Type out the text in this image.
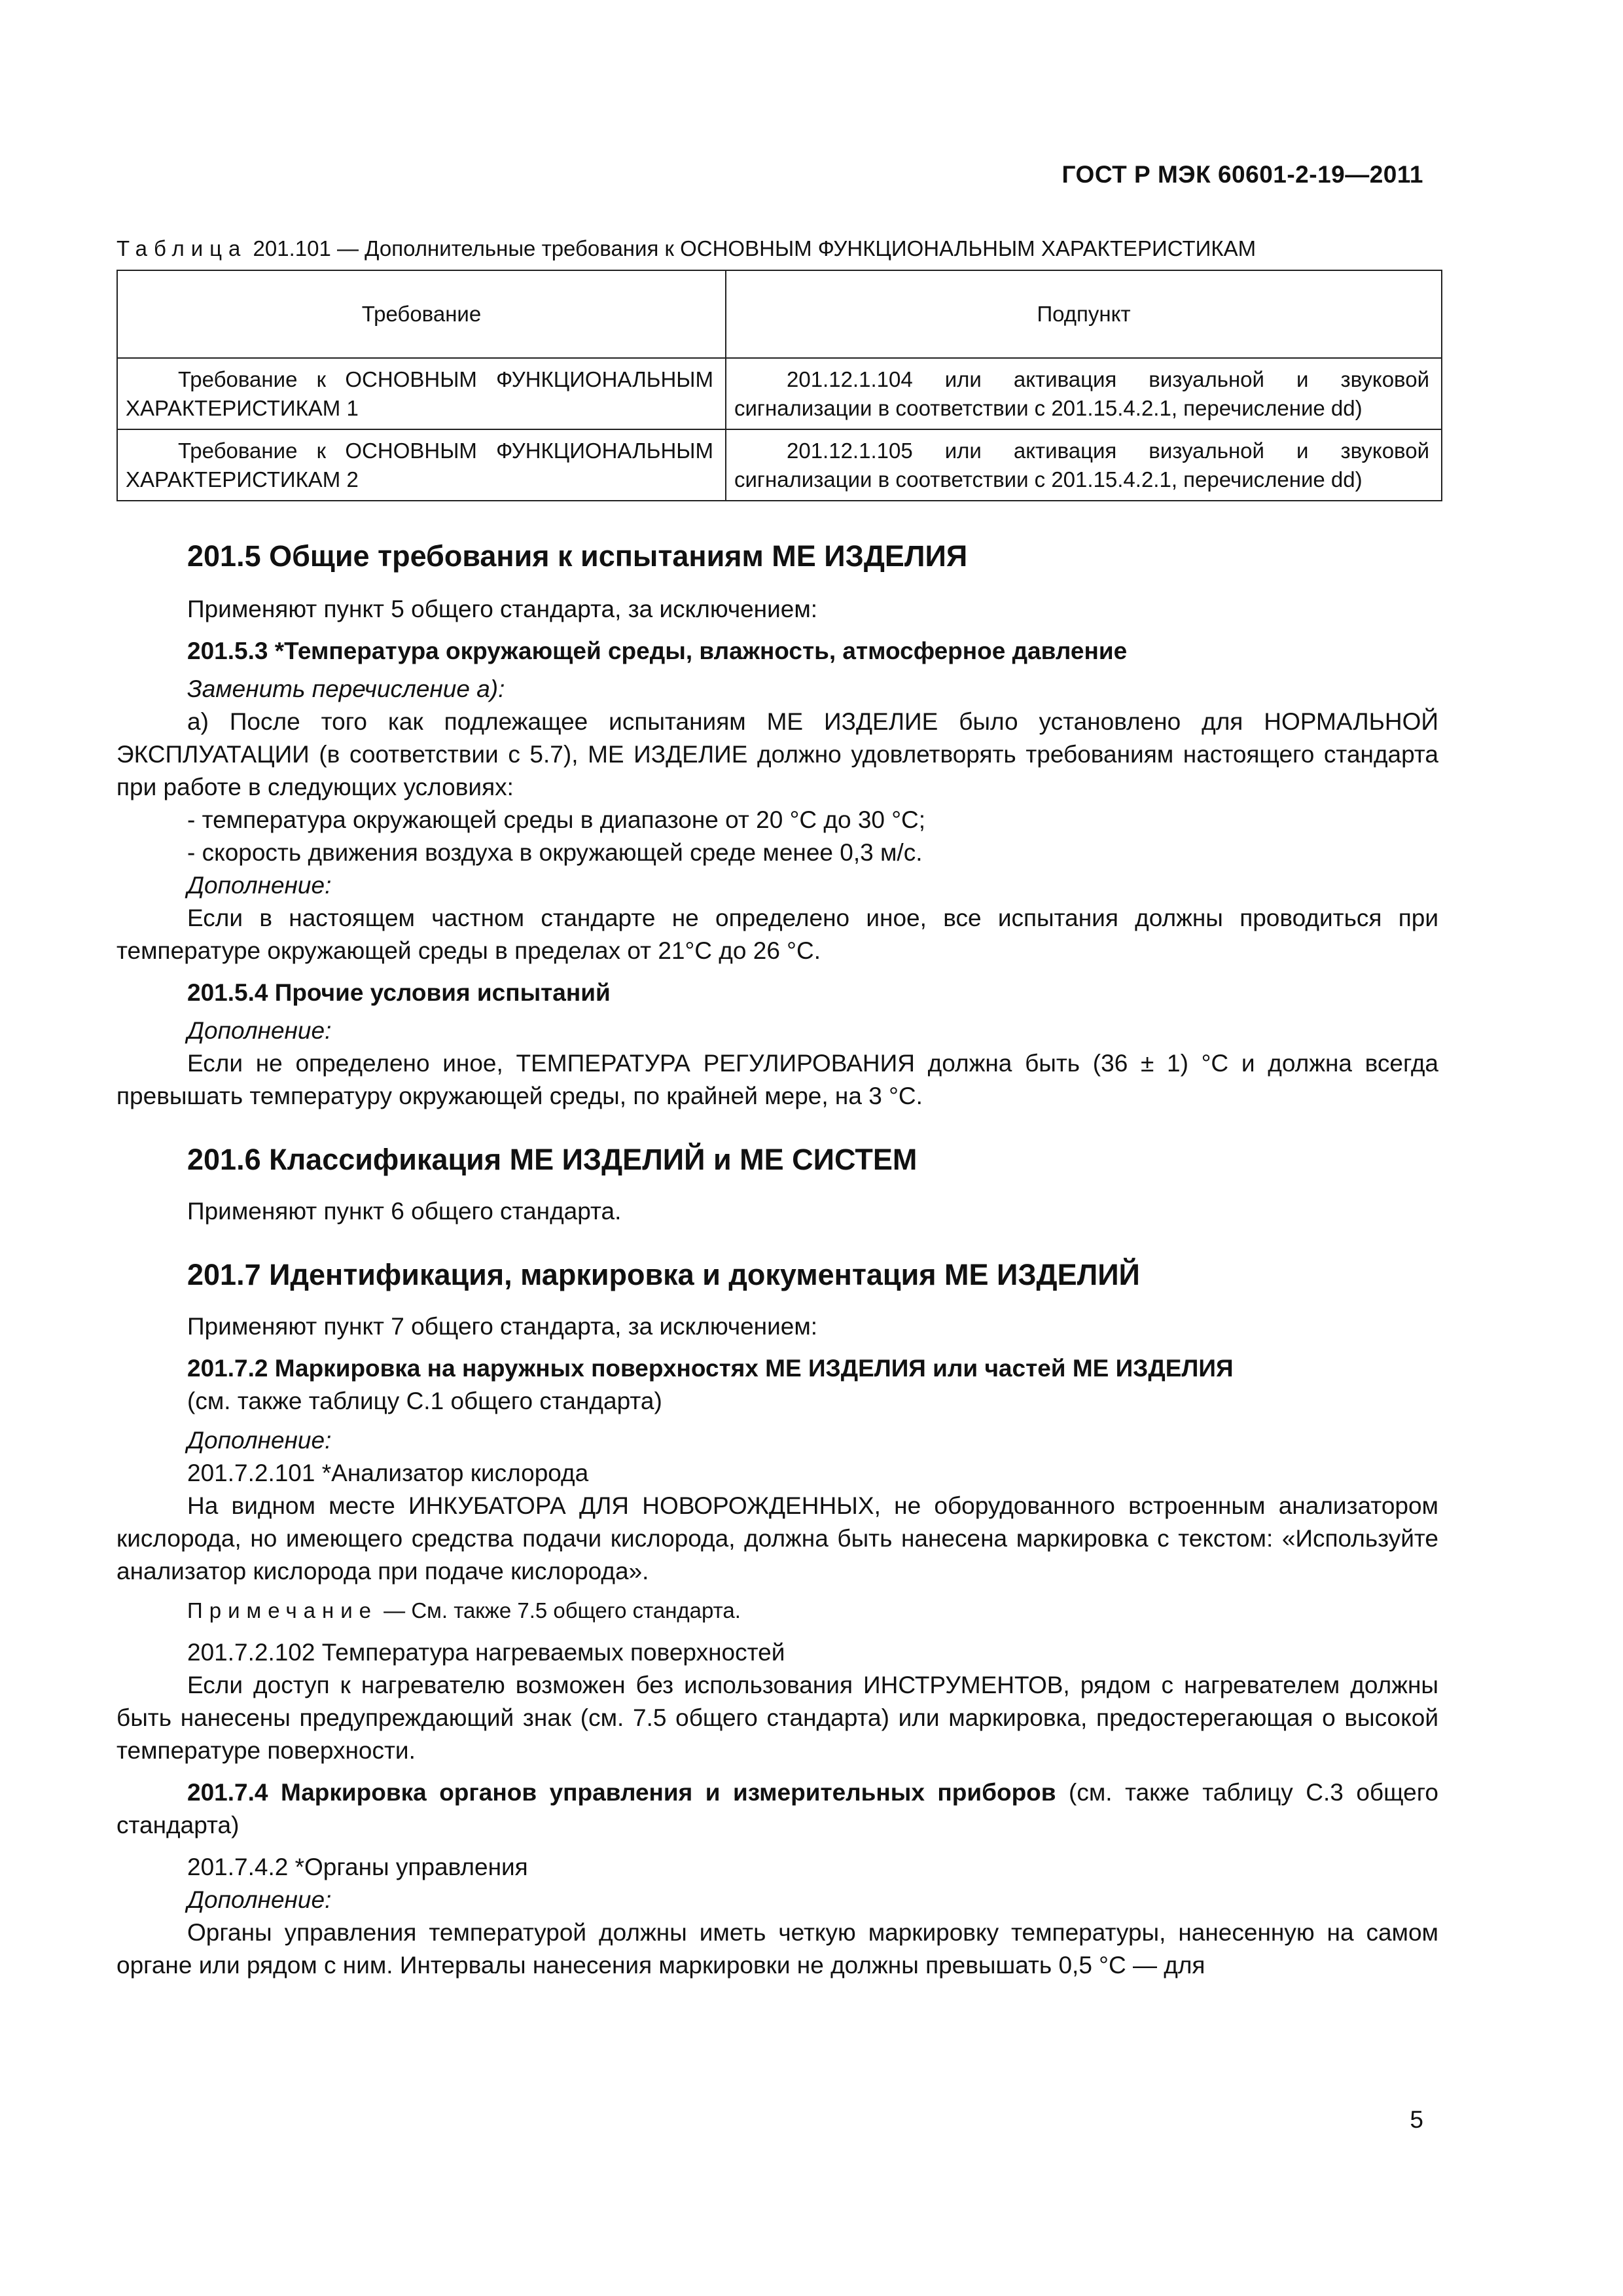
ГОСТ Р МЭК 60601-2-19—2011
Таблица 201.101 — Дополнительные требования к ОСНОВНЫМ ФУНКЦИОНАЛЬНЫМ ХАРАКТЕРИСТИКАМ
Требование	Подпункт
Требование к ОСНОВНЫМ ФУНКЦИОНАЛЬНЫМ ХАРАКТЕРИСТИКАМ 1	201.12.1.104 или активация визуальной и звуковой сигнализации в соответствии с 201.15.4.2.1, перечисление dd)
Требование к ОСНОВНЫМ ФУНКЦИОНАЛЬНЫМ ХАРАКТЕРИСТИКАМ 2	201.12.1.105 или активация визуальной и звуковой сигнализации в соответствии с 201.15.4.2.1, перечисление dd)

201.5 Общие требования к испытаниям МЕ ИЗДЕЛИЯ

Применяют пункт 5 общего стандарта, за исключением:

201.5.3 *Температура окружающей среды, влажность, атмосферное давление

Заменить перечисление а):

а) После того как подлежащее испытаниям МЕ ИЗДЕЛИЕ было установлено для НОРМАЛЬНОЙ ЭКСПЛУАТАЦИИ (в соответствии с 5.7), МЕ ИЗДЕЛИЕ должно удовлетворять требованиям настоящего стандарта при работе в следующих условиях:

- температура окружающей среды в диапазоне от 20 °С до 30 °С;

- скорость движения воздуха в окружающей среде менее 0,3 м/с.

Дополнение:

Если в настоящем частном стандарте не определено иное, все испытания должны проводиться при температуре окружающей среды в пределах от 21°С до 26 °С.

201.5.4 Прочие условия испытаний

Дополнение:

Если не определено иное, ТЕМПЕРАТУРА РЕГУЛИРОВАНИЯ должна быть (36 ± 1) °С и должна всегда превышать температуру окружающей среды, по крайней мере, на 3 °С.

201.6 Классификация МЕ ИЗДЕЛИЙ и МЕ СИСТЕМ

Применяют пункт 6 общего стандарта.

201.7 Идентификация, маркировка и документация МЕ ИЗДЕЛИЙ

Применяют пункт 7 общего стандарта, за исключением:

201.7.2 Маркировка на наружных поверхностях МЕ ИЗДЕЛИЯ или частей МЕ ИЗДЕЛИЯ

(см. также таблицу С.1 общего стандарта)

Дополнение:

201.7.2.101 *Анализатор кислорода

На видном месте ИНКУБАТОРА ДЛЯ НОВОРОЖДЕННЫХ, не оборудованного встроенным анализатором кислорода, но имеющего средства подачи кислорода, должна быть нанесена маркировка с текстом: «Используйте анализатор кислорода при подаче кислорода».

Примечание — См. также 7.5 общего стандарта.

201.7.2.102 Температура нагреваемых поверхностей

Если доступ к нагревателю возможен без использования ИНСТРУМЕНТОВ, рядом с нагревателем должны быть нанесены предупреждающий знак (см. 7.5 общего стандарта) или маркировка, предостерегающая о высокой температуре поверхности.

201.7.4 Маркировка органов управления и измерительных приборов (см. также таблицу С.3 общего стандарта)

201.7.4.2 *Органы управления

Дополнение:

Органы управления температурой должны иметь четкую маркировку температуры, нанесенную на самом органе или рядом с ним. Интервалы нанесения маркировки не должны превышать 0,5 °С — для

5
